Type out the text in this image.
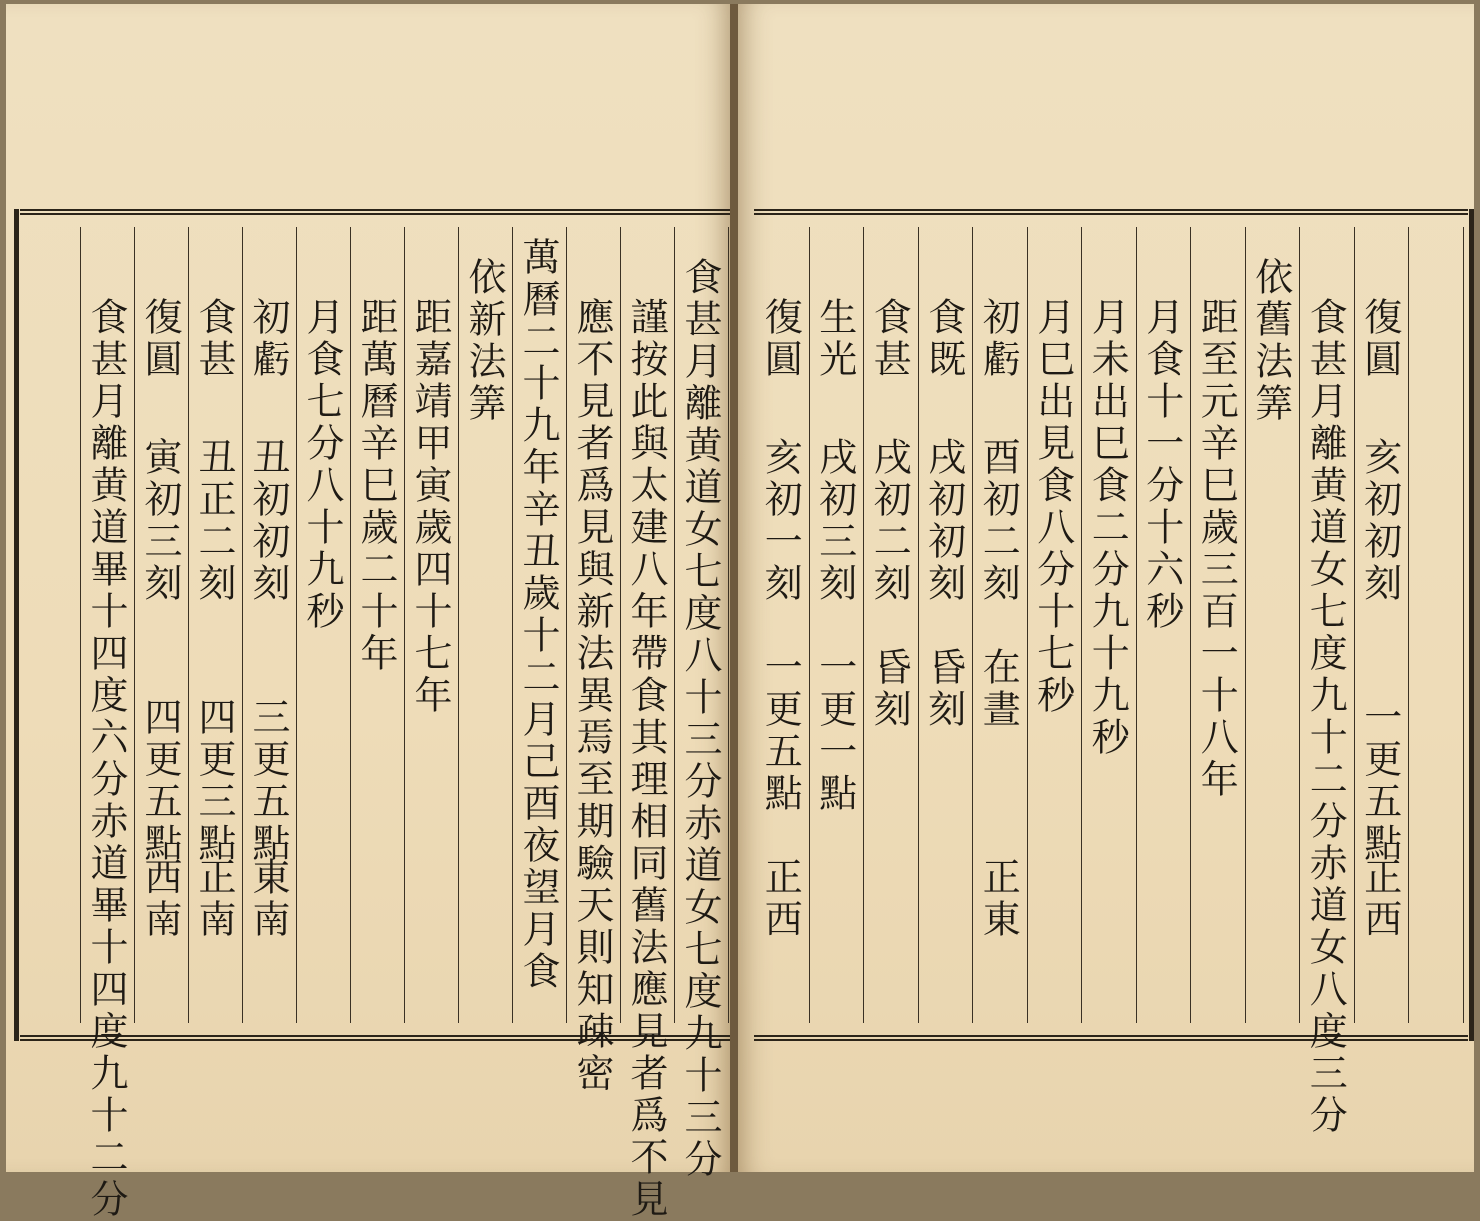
食甚月離黄道女七度八十三分赤道女七度九十三分
謹按此與太建八年帶食其理相同舊法應見者爲不見
應不見者爲見與新法異焉至期驗天則知疎密
萬曆二十九年辛丑歲十二月己酉夜望月食
依新法筭
距嘉靖甲寅歲四十七年
距萬曆辛巳歲二十年
月食七分八十九秒
初虧
丑初初刻
三更五點
東南
食甚
丑正二刻
四更三點
正南
復圓
寅初三刻
四更五點
西南
食甚月離黄道畢十四度六分赤道畢十四度九十二分	復圓
亥初初刻
一更五點
正西
食甚月離黄道女七度九十二分赤道女八度三分
依舊法筭
距至元辛巳歲三百一十八年
月食十一分十六秒
月未出巳食二分九十九秒
月巳出見食八分十七秒
初虧
酉初二刻
在晝
正東
食既
戌初初刻
昏刻
食甚
戌初二刻
昏刻
生光
戌初三刻
一更一點
復圓
亥初一刻
一更五點
正西
